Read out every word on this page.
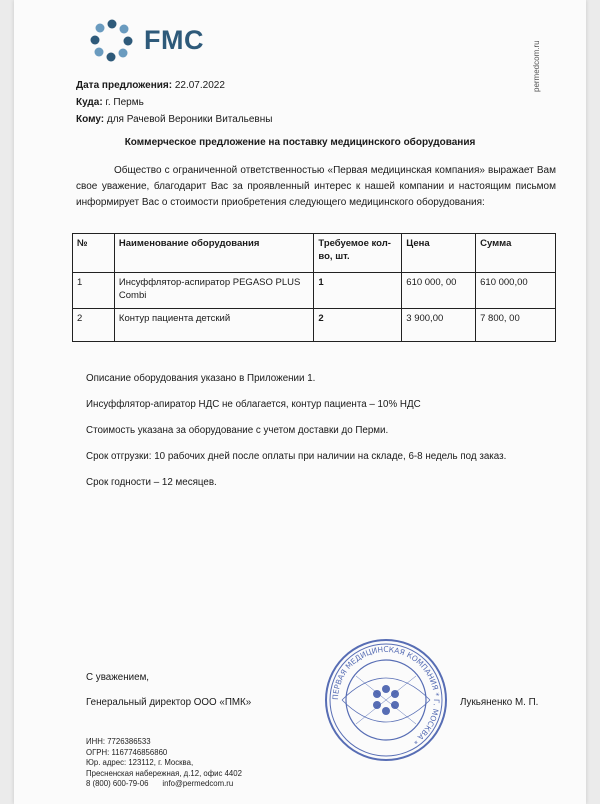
FMC
permedcom.ru
Дата предложения: 22.07.2022
Куда: г. Пермь
Кому: для Рачевой Вероники Витальевны
Коммерческое предложение на поставку медицинского оборудования
Общество с ограниченной ответственностью «Первая медицинская компания» выражает Вам свое уважение, благодарит Вас за проявленный интерес к нашей компании и настоящим письмом информирует Вас о стоимости приобретения следующего медицинского оборудования:
№	Наименование оборудования	Требуемое кол-во, шт.	Цена	Сумма
1	Инсуффлятор-аспиратор PEGASO PLUS Combi	1	610 000, 00	610 000,00
2	Контур пациента детский	2	3 900,00	7 800, 00

Описание оборудования указано в Приложении 1.

Инсуффлятор-апиратор НДС не облагается, контур пациента – 10% НДС

Стоимость указана за оборудование с учетом доставки до Перми.

Срок отгрузки: 10 рабочих дней после оплаты при наличии на складе, 6-8 недель под заказ.

Срок годности – 12 месяцев.

ПЕРВАЯ МЕДИЦИНСКАЯ КОМПАНИЯ * Г. МОСКВА *
С уважением,
Генеральный директор ООО «ПМК»	Лукьяненко М. П.
ИНН: 7726386533
ОГРН: 1167746856860
Юр. адрес: 123112, г. Москва,
Пресненская набережная, д.12, офис 4402
8 (800) 600-79-06 info@permedcom.ru
